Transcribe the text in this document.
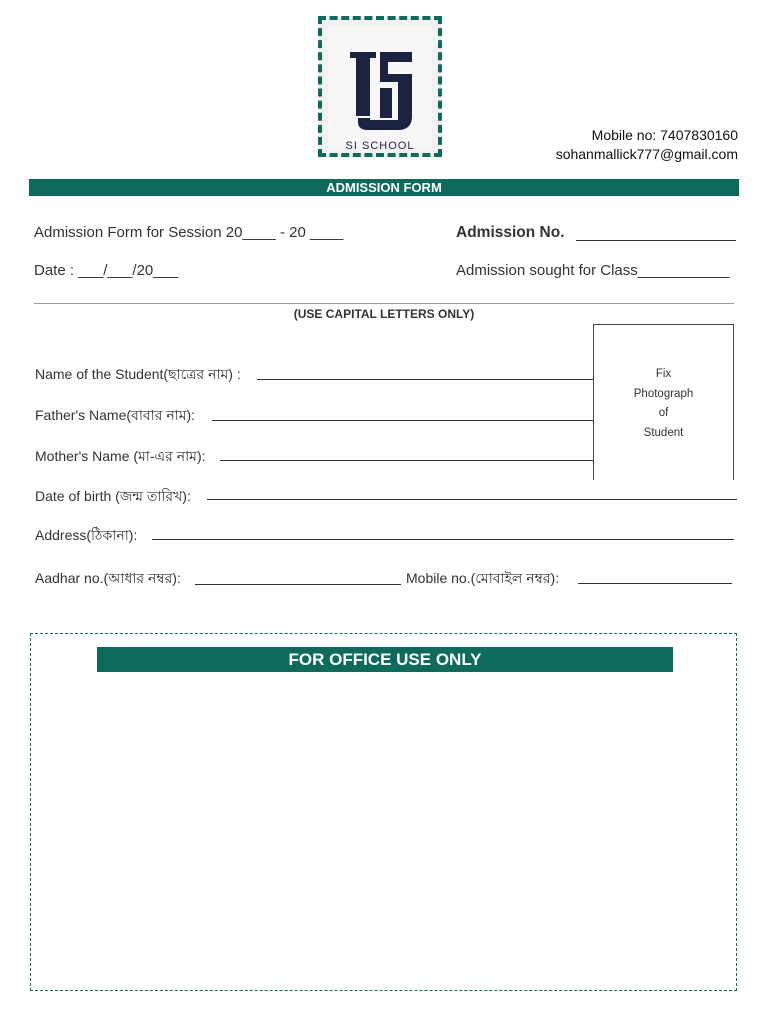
SI SCHOOL
Mobile no: 7407830160
sohanmallick777@gmail.com
ADMISSION FORM
Admission Form for Session 20____ - 20 ____	Admission No.
Date : ___/___/20___	Admission sought for Class___________
(USE CAPITAL LETTERS ONLY)
Fix
Photograph
of
Student
Name of the Student(ছাত্রের নাম) :
Father's Name(বাবার নাম):
Mother's Name (মা-এর নাম):
Date of birth (জন্ম তারিখ):
Address(ঠিকানা):
Aadhar no.(আধার নম্বর):	Mobile no.(মোবাইল নম্বর):
FOR OFFICE USE ONLY
